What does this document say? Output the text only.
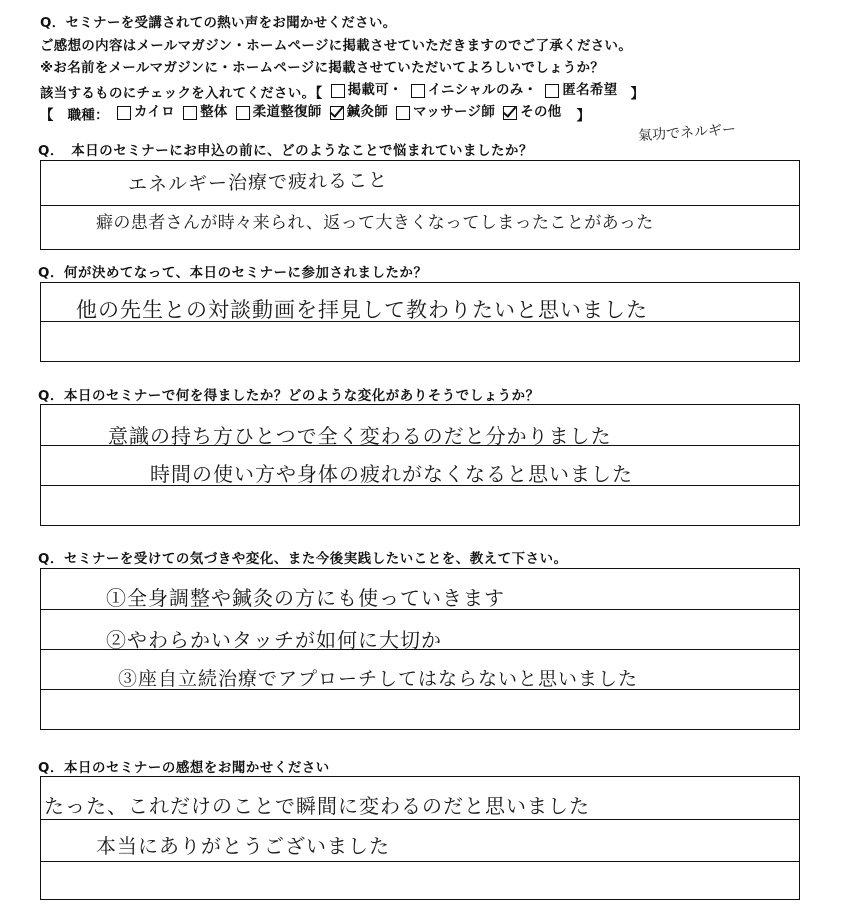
Q．セミナーを受講されての熱い声をお聞かせください。
ご感想の内容はメールマガジン・ホームページに掲載させていただきますのでご了承ください。
※お名前をメールマガジンに・ホームページに掲載させていただいてよろしいでしょうか？
該当するものにチェックを入れてください。【 掲載可・
イニシャルのみ・
匿名希望 】
【　職種： カイロ
整体
柔道整復師
鍼灸師
マッサージ師
その他 】
氣功でネルギー
Q．　本日のセミナーにお申込の前に、どのようなことで悩まれていましたか？
エネルギー治療で疲れること
癖の患者さんが時々来られ、返って大きくなってしまったことがあった
Q．何が決めてなって、本日のセミナーに参加されましたか？
他の先生との対談動画を拝見して教わりたいと思いました
Q．本日のセミナーで何を得ましたか？どのような変化がありそうでしょうか？
意識の持ち方ひとつで全く変わるのだと分かりました
時間の使い方や身体の疲れがなくなると思いました
Q．セミナーを受けての気づきや変化、また今後実践したいことを、教えて下さい。
①全身調整や鍼灸の方にも使っていきます
②やわらかいタッチが如何に大切か
③座自立続治療でアプローチしてはならないと思いました
Q．本日のセミナーの感想をお聞かせください
たった、これだけのことで瞬間に変わるのだと思いました
本当にありがとうございました
